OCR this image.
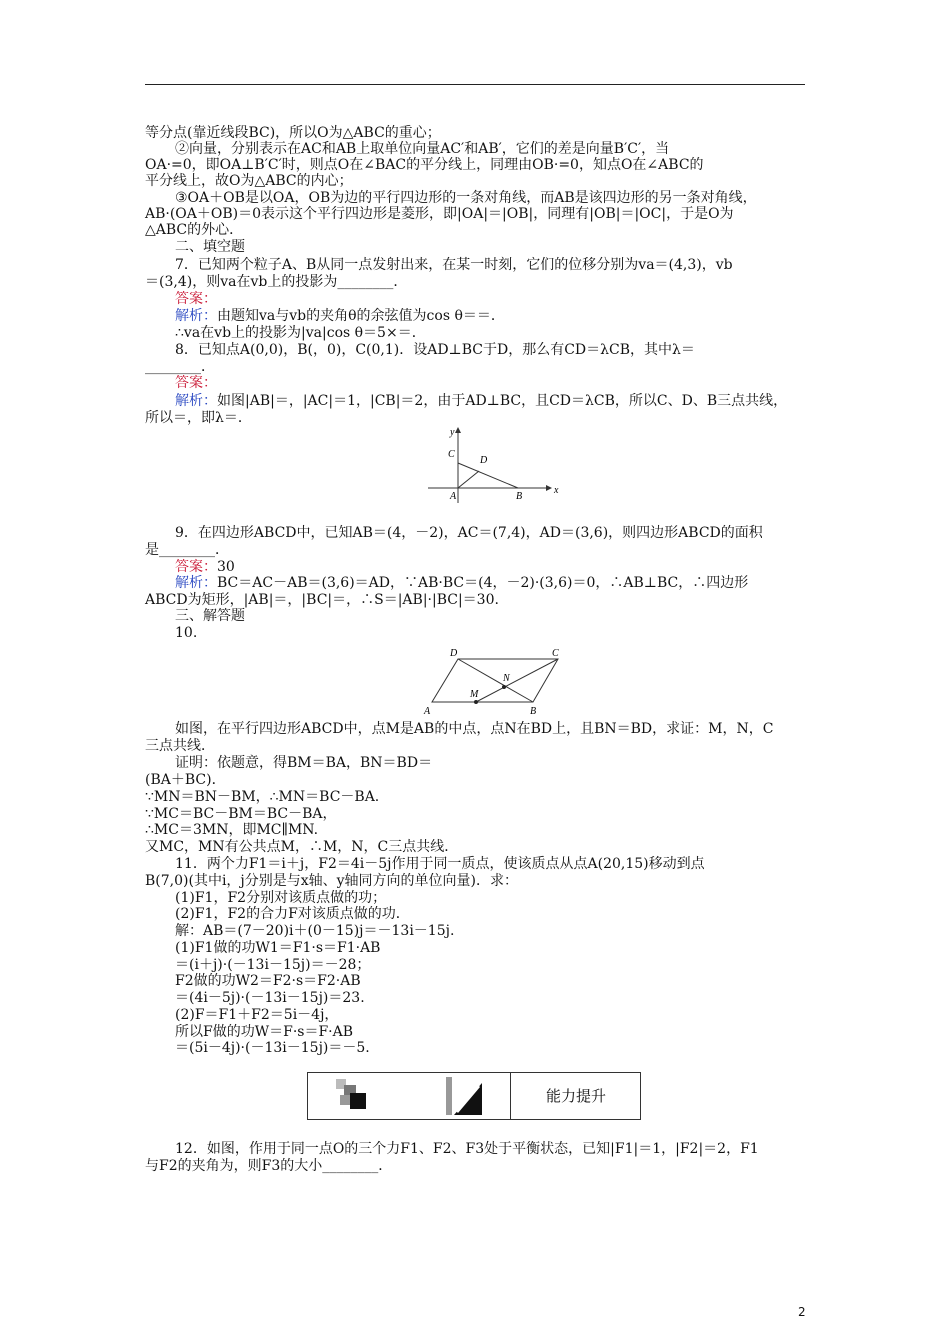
等分点(靠近线段BC)，所以O为△ABC的重心；
②向量，分别表示在AC和AB上取单位向量AC′和AB′，它们的差是向量B′C′，当
OA·=0，即OA⊥B′C′时，则点O在∠BAC的平分线上，同理由OB·=0，知点O在∠ABC的
平分线上，故O为△ABC的内心；
③OA＋OB是以OA，OB为边的平行四边形的一条对角线，而AB是该四边形的另一条对角线，
AB·(OA＋OB)＝0表示这个平行四边形是菱形，即|OA|＝|OB|，同理有|OB|＝|OC|，于是O为
△ABC的外心．
二、填空题
7．已知两个粒子A、B从同一点发射出来，在某一时刻，它们的位移分别为va＝(4,3)，vb
＝(3,4)，则va在vb上的投影为________．
答案：
解析：由题知va与vb的夹角θ的余弦值为cos θ＝＝．
∴va在vb上的投影为|va|cos θ＝5×＝．
8．已知点A(0,0)，B(，0)，C(0,1)．设AD⊥BC于D，那么有CD＝λCB，其中λ＝
________．
答案：
解析：如图|AB|＝，|AC|＝1，|CB|＝2，由于AD⊥BC，且CD＝λCB，所以C、D、B三点共线，
所以＝，即λ＝．
y
x
C
D
A	B
9．在四边形ABCD中，已知AB＝(4，－2)，AC＝(7,4)，AD＝(3,6)，则四边形ABCD的面积
是________．
答案：30
解析：BC＝AC－AB＝(3,6)＝AD，∵AB·BC＝(4，－2)·(3,6)＝0，∴AB⊥BC，∴四边形
ABCD为矩形，|AB|＝，|BC|＝，∴S＝|AB|·|BC|＝30.
三、解答题
10.
D	C
N
M
A	B
如图，在平行四边形ABCD中，点M是AB的中点，点N在BD上，且BN＝BD，求证：M，N，C
三点共线．
证明：依题意，得BM＝BA，BN＝BD＝
(BA＋BC)．
∵MN＝BN－BM，∴MN＝BC－BA.
∵MC＝BC－BM＝BC－BA，
∴MC＝3MN，即MC∥MN.
又MC，MN有公共点M，∴M，N，C三点共线．
11．两个力F1＝i＋j，F2＝4i－5j作用于同一质点，使该质点从点A(20,15)移动到点
B(7,0)(其中i，j分别是与x轴、y轴同方向的单位向量)．求：
(1)F1，F2分别对该质点做的功；
(2)F1，F2的合力F对该质点做的功．
解：AB＝(7－20)i＋(0－15)j＝－13i－15j.
(1)F1做的功W1＝F1·s＝F1·AB
＝(i＋j)·(－13i－15j)＝－28；
F2做的功W2＝F2·s＝F2·AB
＝(4i－5j)·(－13i－15j)＝23.
(2)F＝F1＋F2＝5i－4j，
所以F做的功W＝F·s＝F·AB
＝(5i－4j)·(－13i－15j)＝－5.
能力提升
12．如图，作用于同一点O的三个力F1、F2、F3处于平衡状态，已知|F1|＝1，|F2|＝2，F1
与F2的夹角为，则F3的大小________．
2
